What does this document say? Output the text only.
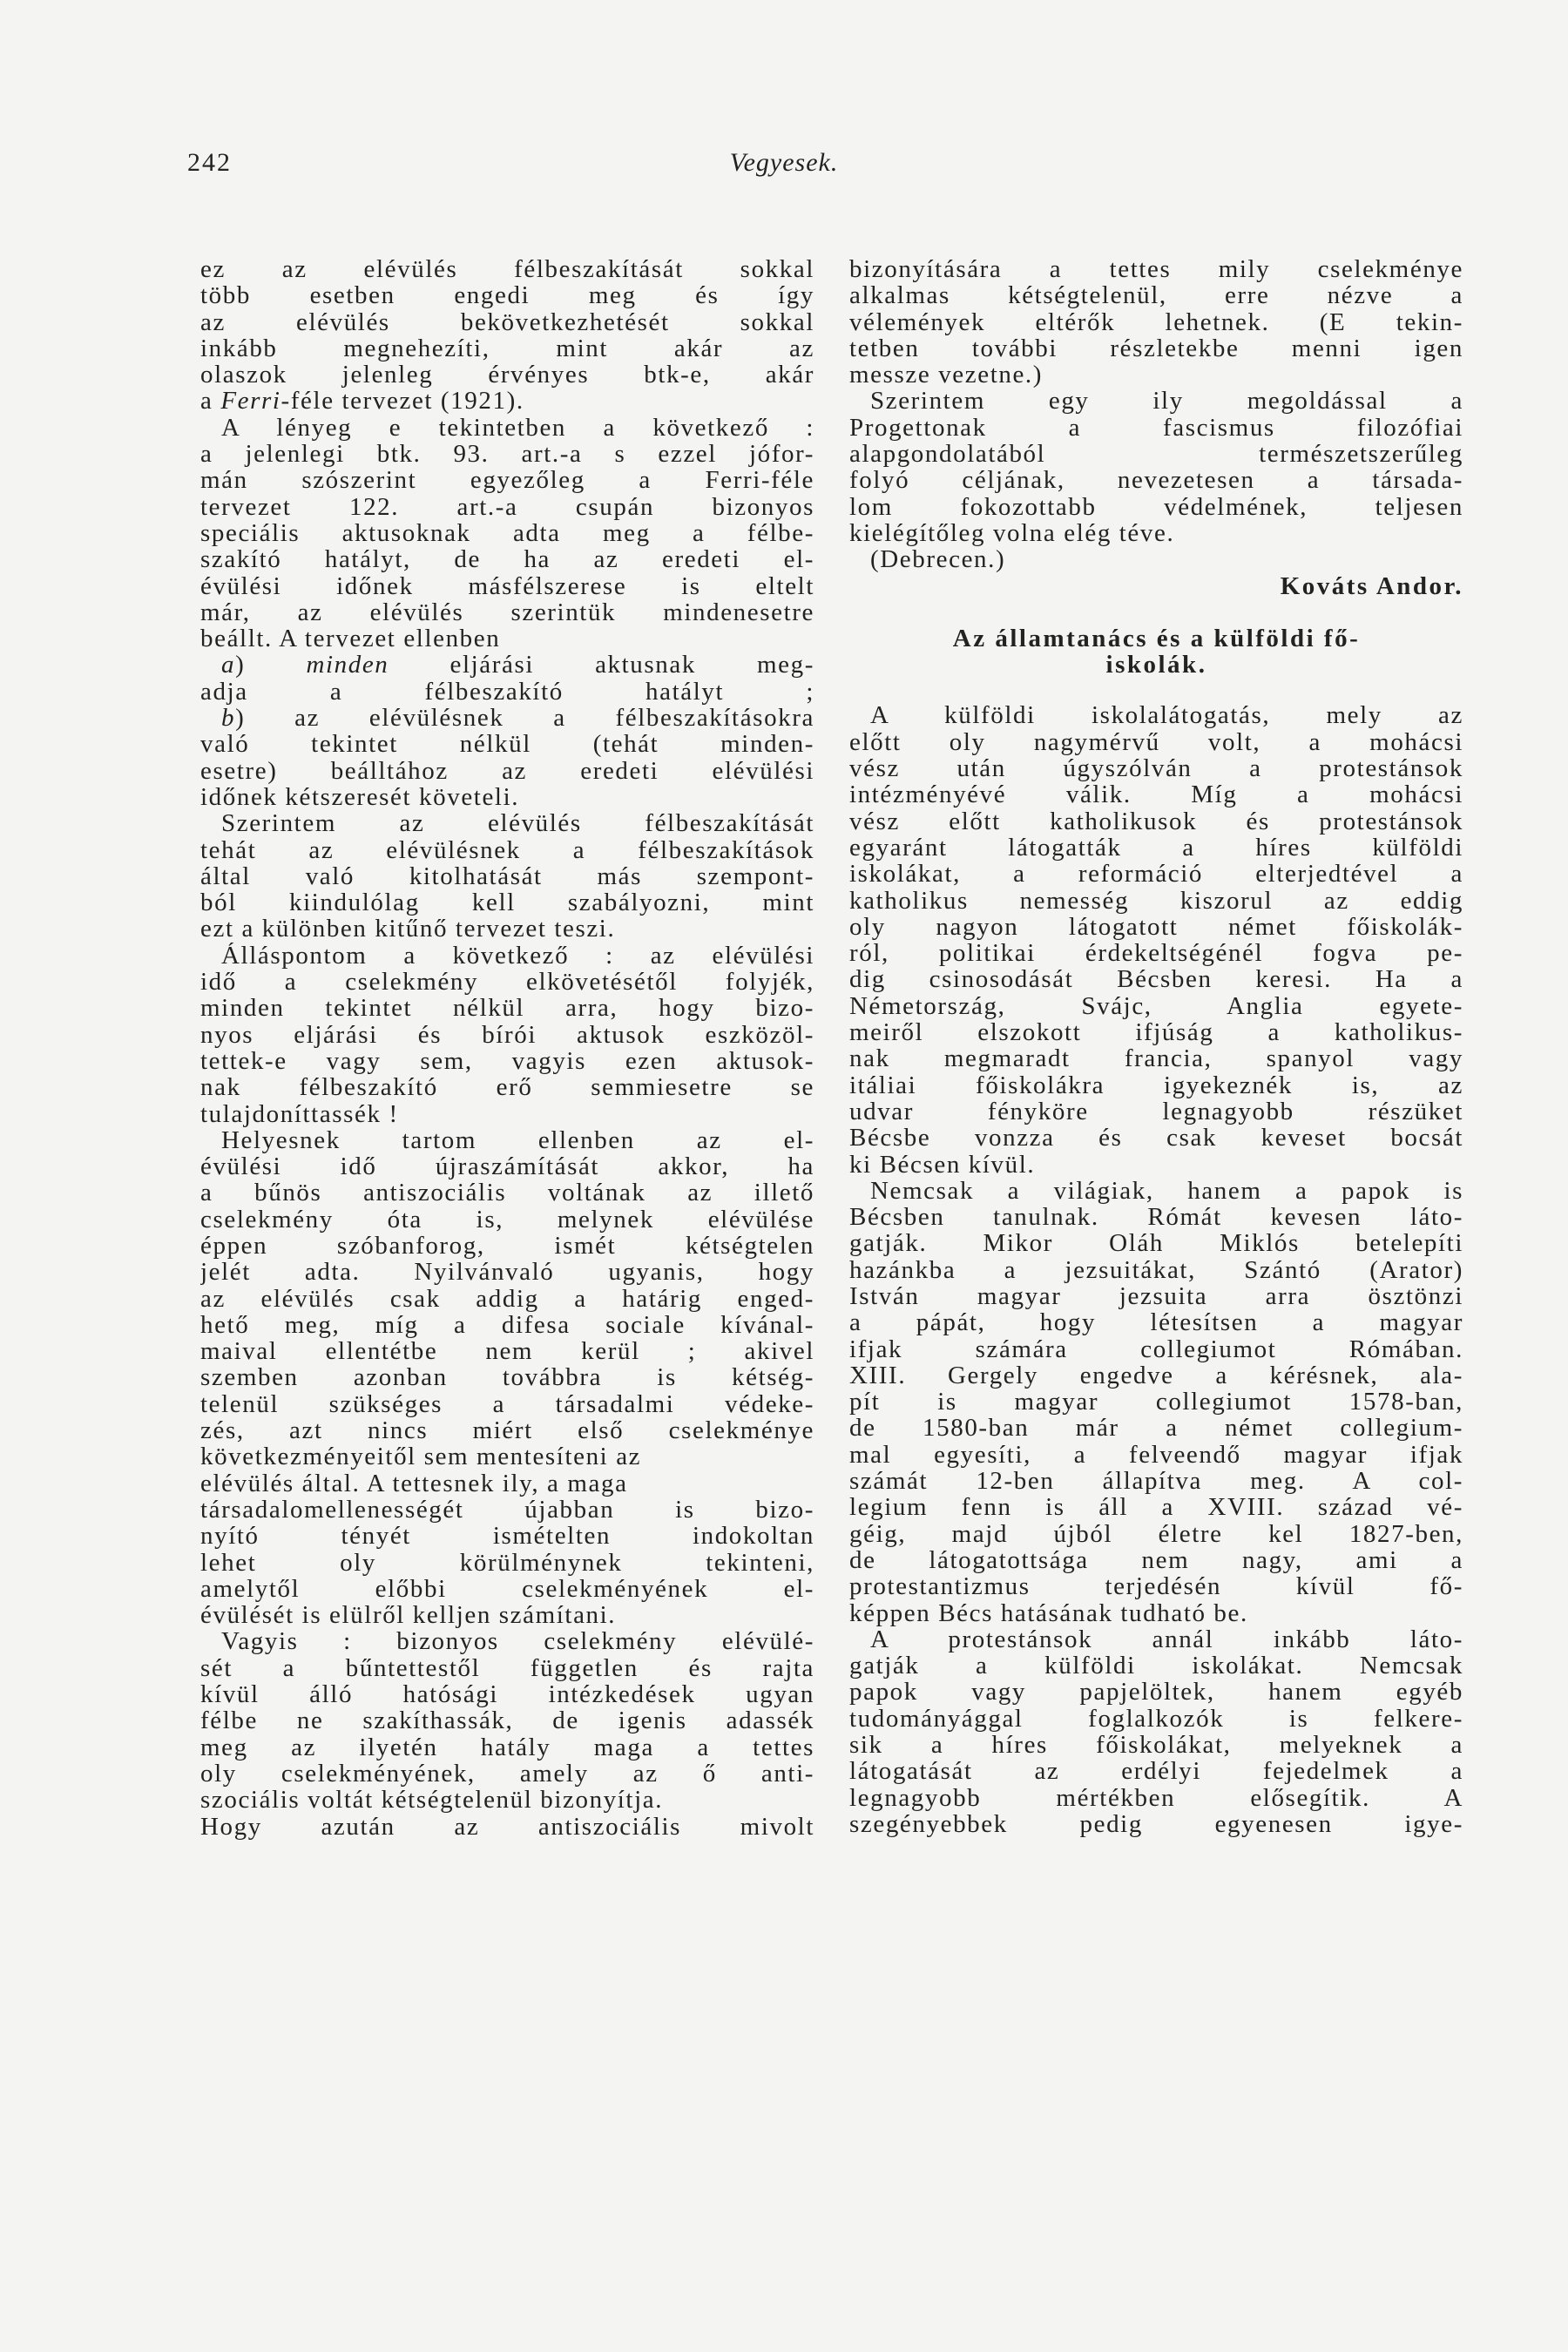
242	Vegyesek.
ez az elévülés félbeszakítását sokkal
több esetben engedi meg és így
az elévülés bekövetkezhetését sokkal
inkább megnehezíti, mint akár az
olaszok jelenleg érvényes btk-e, akár
a Ferri-féle tervezet (1921).
A lényeg e tekintetben a következő :
a jelenlegi btk. 93. art.-a s ezzel jófor-
mán szószerint egyezőleg a Ferri-féle
tervezet 122. art.-a csupán bizonyos
speciális aktusoknak adta meg a félbe-
szakító hatályt, de ha az eredeti el-
évülési időnek másfélszerese is eltelt
már, az elévülés szerintük mindenesetre
beállt. A tervezet ellenben
a) minden eljárási aktusnak meg-
adja a félbeszakító hatályt ;
b) az elévülésnek a félbeszakításokra
való tekintet nélkül (tehát minden-
esetre) beálltához az eredeti elévülési
időnek kétszeresét követeli.
Szerintem az elévülés félbeszakítását
tehát az elévülésnek a félbeszakítások
által való kitolhatását más szempont-
ból kiindulólag kell szabályozni, mint
ezt a különben kitűnő tervezet teszi.
Álláspontom a következő : az elévülési
idő a cselekmény elkövetésétől folyjék,
minden tekintet nélkül arra, hogy bizo-
nyos eljárási és bírói aktusok eszközöl-
tettek-e vagy sem, vagyis ezen aktusok-
nak félbeszakító erő semmiesetre se
tulajdoníttassék !
Helyesnek tartom ellenben az el-
évülési idő újraszámítását akkor, ha
a bűnös antiszociális voltának az illető
cselekmény óta is, melynek elévülése
éppen szóbanforog, ismét kétségtelen
jelét adta. Nyilvánvaló ugyanis, hogy
az elévülés csak addig a határig enged-
hető meg, míg a difesa sociale kívánal-
maival ellentétbe nem kerül ; akivel
szemben azonban továbbra is kétség-
telenül szükséges a társadalmi védeke-
zés, azt nincs miért első cselekménye
következményeitől sem mentesíteni az
elévülés által. A tettesnek ily, a maga
társadalomellenességét újabban is bizo-
nyító tényét ismételten indokoltan
lehet oly körülménynek tekinteni,
amelytől előbbi cselekményének el-
évülését is elülről kelljen számítani.
Vagyis : bizonyos cselekmény elévülé-
sét a bűntettestől független és rajta
kívül álló hatósági intézkedések ugyan
félbe ne szakíthassák, de igenis adassék
meg az ilyetén hatály maga a tettes
oly cselekményének, amely az ő anti-
szociális voltát kétségtelenül bizonyítja.
Hogy azután az antiszociális mivolt
bizonyítására a tettes mily cselekménye
alkalmas kétségtelenül, erre nézve a
vélemények eltérők lehetnek. (E tekin-
tetben további részletekbe menni igen
messze vezetne.)
Szerintem egy ily megoldással a
Progettonak a fascismus filozófiai
alapgondolatából természetszerűleg
folyó céljának, nevezetesen a társada-
lom fokozottabb védelmének, teljesen
kielégítőleg volna elég téve.
(Debrecen.)
Kováts Andor.
Az államtanács és a külföldi fő-
iskolák.
A külföldi iskolalátogatás, mely az
előtt oly nagymérvű volt, a mohácsi
vész után úgyszólván a protestánsok
intézményévé válik. Míg a mohácsi
vész előtt katholikusok és protestánsok
egyaránt látogatták a híres külföldi
iskolákat, a reformáció elterjedtével a
katholikus nemesség kiszorul az eddig
oly nagyon látogatott német főiskolák-
ról, politikai érdekeltségénél fogva pe-
dig csinosodását Bécsben keresi. Ha a
Németország, Svájc, Anglia egyete-
meiről elszokott ifjúság a katholikus-
nak megmaradt francia, spanyol vagy
itáliai főiskolákra igyekeznék is, az
udvar fényköre legnagyobb részüket
Bécsbe vonzza és csak keveset bocsát
ki Bécsen kívül.
Nemcsak a világiak, hanem a papok is
Bécsben tanulnak. Rómát kevesen láto-
gatják. Mikor Oláh Miklós betelepíti
hazánkba a jezsuitákat, Szántó (Arator)
István magyar jezsuita arra ösztönzi
a pápát, hogy létesítsen a magyar
ifjak számára collegiumot Rómában.
XIII. Gergely engedve a kérésnek, ala-
pít is magyar collegiumot 1578-ban,
de 1580-ban már a német collegium-
mal egyesíti, a felveendő magyar ifjak
számát 12-ben állapítva meg. A col-
legium fenn is áll a XVIII. század vé-
géig, majd újból életre kel 1827-ben,
de látogatottsága nem nagy, ami a
protestantizmus terjedésén kívül fő-
képpen Bécs hatásának tudható be.
A protestánsok annál inkább láto-
gatják a külföldi iskolákat. Nemcsak
papok vagy papjelöltek, hanem egyéb
tudományággal foglalkozók is felkere-
sik a híres főiskolákat, melyeknek a
látogatását az erdélyi fejedelmek a
legnagyobb mértékben elősegítik. A
szegényebbek pedig egyenesen igye-
